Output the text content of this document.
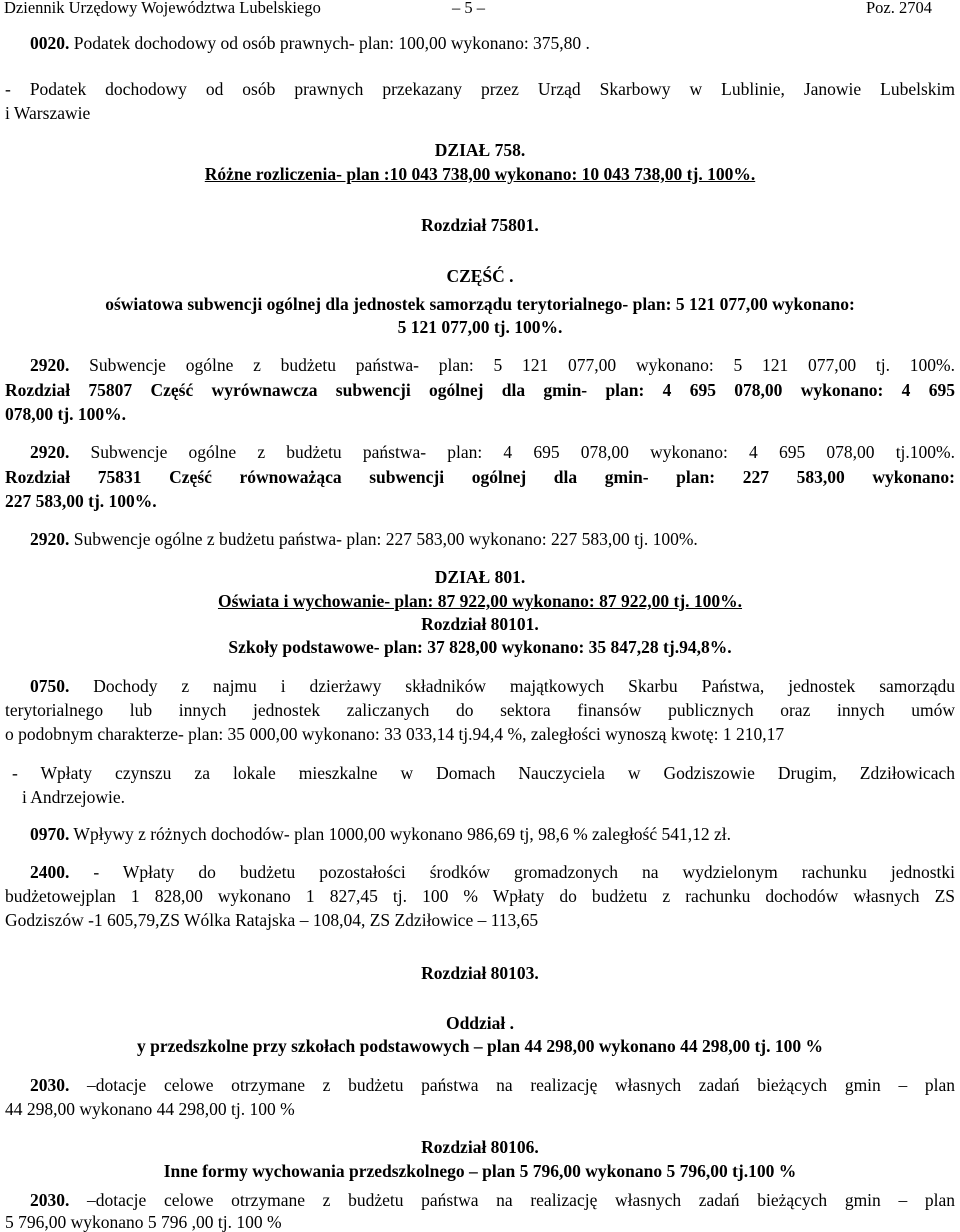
Dziennik Urzędowy Województwa Lubelskiego	– 5 –	Poz. 2704

0020. Podatek dochodowy od osób prawnych- plan: 100,00 wykonano: 375,80 .

- Podatek dochodowy od osób prawnych przekazany przez Urząd Skarbowy w Lublinie, Janowie Lubelskim

i Warszawie

DZIAŁ 758.

Różne rozliczenia- plan :10 043 738,00 wykonano: 10 043 738,00 tj. 100%.

Rozdział 75801.

CZĘŚĆ .

oświatowa subwencji ogólnej dla jednostek samorządu terytorialnego- plan: 5 121 077,00 wykonano:

5 121 077,00 tj. 100%.

2920. Subwencje ogólne z budżetu państwa- plan: 5 121 077,00 wykonano: 5 121 077,00 tj. 100%.

Rozdział 75807 Część wyrównawcza subwencji ogólnej dla gmin- plan: 4 695 078,00 wykonano: 4 695

078,00 tj. 100%.

2920. Subwencje ogólne z budżetu państwa- plan: 4 695 078,00 wykonano: 4 695 078,00 tj.100%.

Rozdział 75831 Część równoważąca subwencji ogólnej dla gmin- plan: 227 583,00 wykonano:

227 583,00 tj. 100%.

2920. Subwencje ogólne z budżetu państwa- plan: 227 583,00 wykonano: 227 583,00 tj. 100%.

DZIAŁ 801.

Oświata i wychowanie- plan: 87 922,00 wykonano: 87 922,00 tj. 100%.

Rozdział 80101.

Szkoły podstawowe- plan: 37 828,00 wykonano: 35 847,28 tj.94,8%.

0750. Dochody z najmu i dzierżawy składników majątkowych Skarbu Państwa, jednostek samorządu

terytorialnego lub innych jednostek zaliczanych do sektora finansów publicznych oraz innych umów

o podobnym charakterze- plan: 35 000,00 wykonano: 33 033,14 tj.94,4 %, zaległości wynoszą kwotę: 1 210,17

- Wpłaty czynszu za lokale mieszkalne w Domach Nauczyciela w Godziszowie Drugim, Zdziłowicach

i Andrzejowie.

0970. Wpływy z różnych dochodów- plan 1000,00 wykonano 986,69 tj, 98,6 % zaległość 541,12 zł.

2400. - Wpłaty do budżetu pozostałości środków gromadzonych na wydzielonym rachunku jednostki

budżetowejplan 1 828,00 wykonano 1 827,45 tj. 100 % Wpłaty do budżetu z rachunku dochodów własnych ZS

Godziszów -1 605,79,ZS Wólka Ratajska – 108,04, ZS Zdziłowice – 113,65

Rozdział 80103.

Oddział .

y przedszkolne przy szkołach podstawowych – plan 44 298,00 wykonano 44 298,00 tj. 100 %

2030. –dotacje celowe otrzymane z budżetu państwa na realizację własnych zadań bieżących gmin – plan

44 298,00 wykonano 44 298,00 tj. 100 %

Rozdział 80106.

Inne formy wychowania przedszkolnego – plan 5 796,00 wykonano 5 796,00 tj.100 %

2030. –dotacje celowe otrzymane z budżetu państwa na realizację własnych zadań bieżących gmin – plan

5 796,00 wykonano 5 796 ,00 tj. 100 %
